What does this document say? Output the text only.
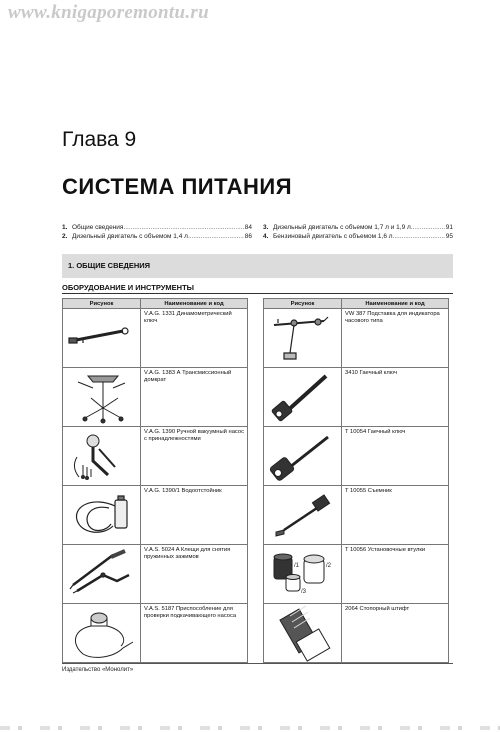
www.knigaporemontu.ru
Глава 9
СИСТЕМА ПИТАНИЯ
1. Общие сведения .....	84
2. Дизельный двигатель с объемом 1,4 л .....	86
3. Дизельный двигатель с объемом 1,7 л и 1,9 л .....	91
4. Бензиновый двигатель с объемом 1,6 л .....	95
1. ОБЩИЕ СВЕДЕНИЯ
ОБОРУДОВАНИЕ И ИНСТРУМЕНТЫ
Рисунок	Наименование и код

	V.A.G. 1331 Динамометрический ключ

	V.A.G. 1383 А Трансмиссионный домкрат

	V.A.G. 1390 Ручной вакуумный насос с принадлежностями

	V.A.G. 1390/1 Водоотстойник

	V.A.S. 5024 A Клещи для снятия пружинных зажимов

	V.A.S. 5187 Приспособление для проверки подкачивающего насоса
Рисунок	Наименование и код

	VW 387 Подставка для индикатора часового типа

	3410 Гаечный ключ

	T 10054 Гаечный ключ

	T 10055 Съемник

/1 /2
/3	T 10056 Установочные втулки

	2064 Стопорный штифт
Издательство «Монолит»
